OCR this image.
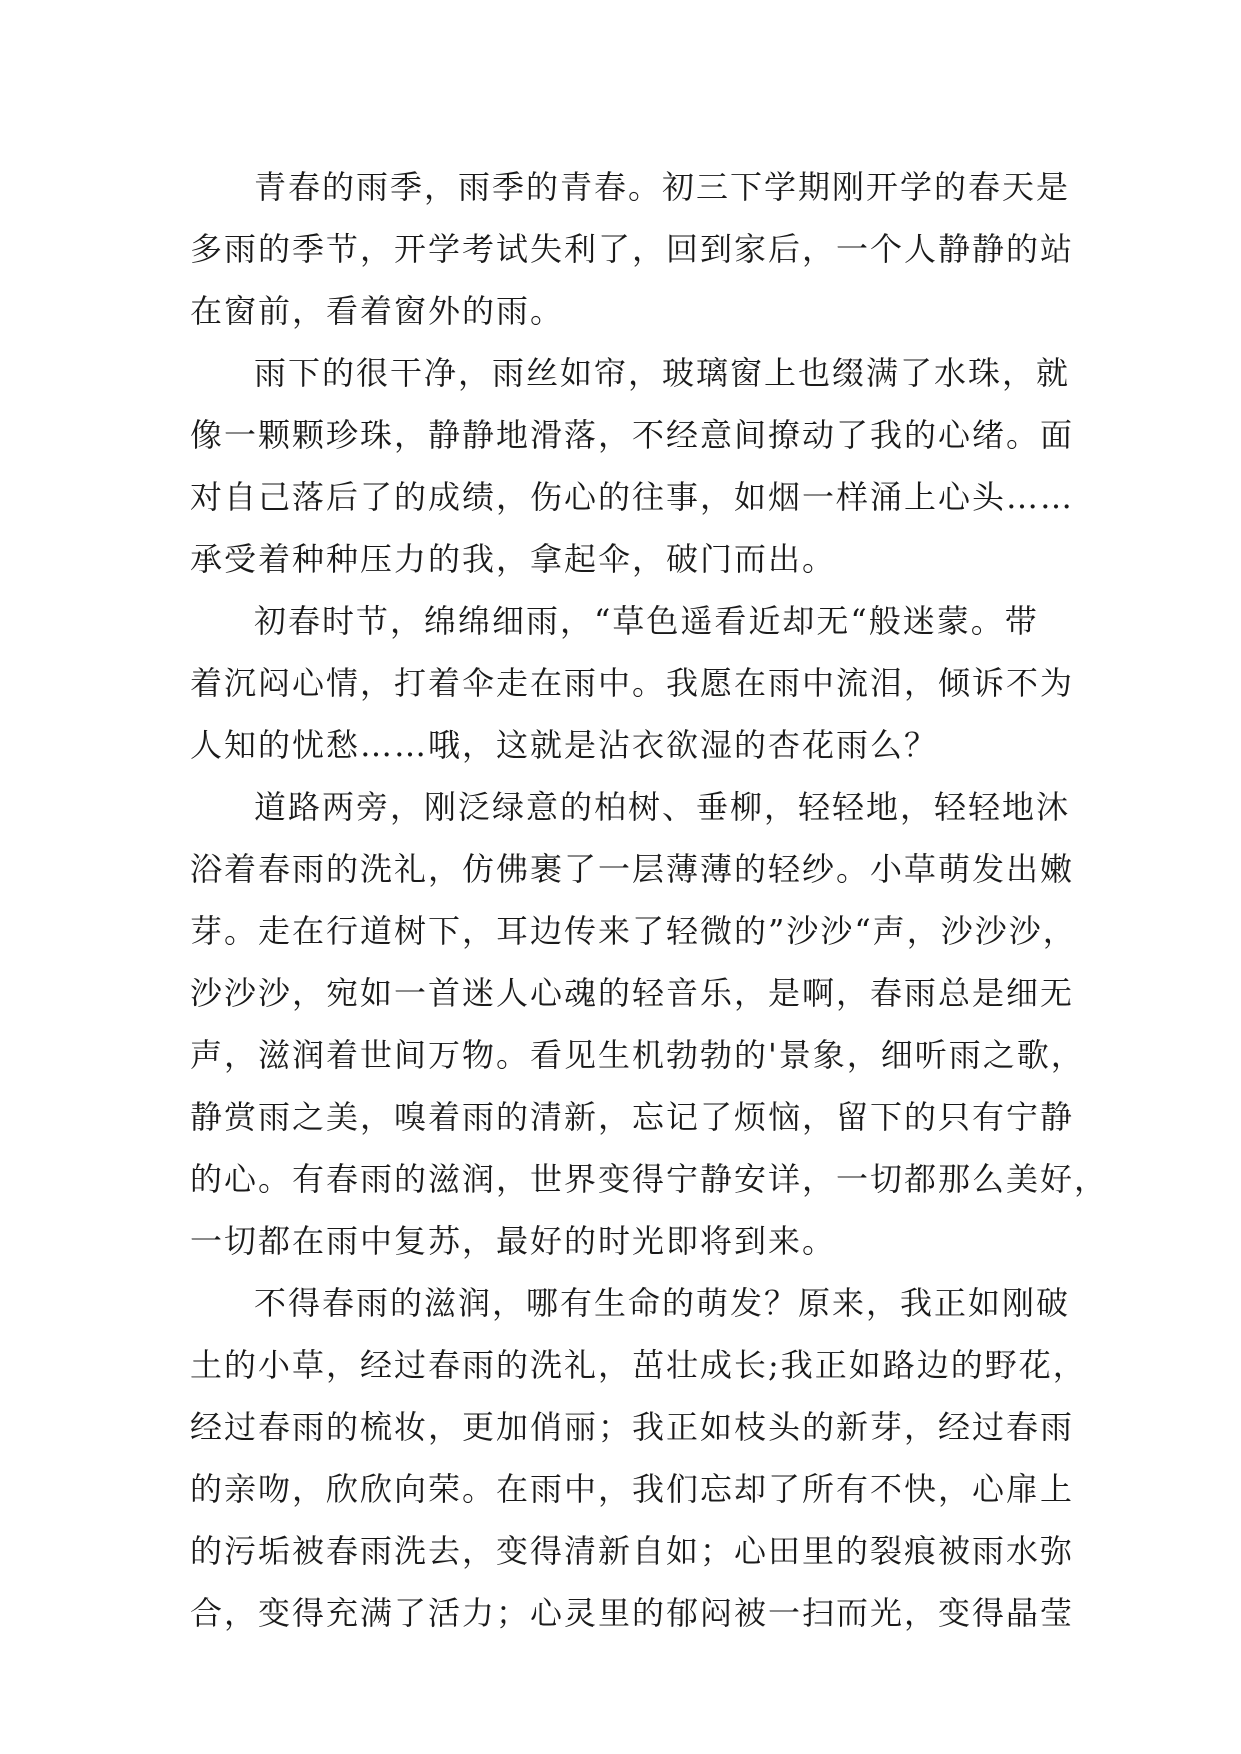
青春的雨季，雨季的青春。初三下学期刚开学的春天是
多雨的季节，开学考试失利了，回到家后，一个人静静的站
在窗前，看着窗外的雨。

雨下的很干净，雨丝如帘，玻璃窗上也缀满了水珠，就
像一颗颗珍珠，静静地滑落，不经意间撩动了我的心绪。面
对自己落后了的成绩，伤心的往事，如烟一样涌上心头……
承受着种种压力的我，拿起伞，破门而出。

初春时节，绵绵细雨，“草色遥看近却无“般迷蒙。带
着沉闷心情，打着伞走在雨中。我愿在雨中流泪，倾诉不为
人知的忧愁……哦，这就是沾衣欲湿的杏花雨么？

道路两旁，刚泛绿意的柏树、垂柳，轻轻地，轻轻地沐
浴着春雨的洗礼，仿佛裹了一层薄薄的轻纱。小草萌发出嫩
芽。走在行道树下，耳边传来了轻微的”沙沙“声，沙沙沙，
沙沙沙，宛如一首迷人心魂的轻音乐，是啊，春雨总是细无
声，滋润着世间万物。看见生机勃勃的'景象，细听雨之歌，
静赏雨之美，嗅着雨的清新，忘记了烦恼，留下的只有宁静
的心。有春雨的滋润，世界变得宁静安详，一切都那么美好，
一切都在雨中复苏，最好的时光即将到来。

不得春雨的滋润，哪有生命的萌发？原来，我正如刚破
土的小草，经过春雨的洗礼，茁壮成长;我正如路边的野花，
经过春雨的梳妆，更加俏丽；我正如枝头的新芽，经过春雨
的亲吻，欣欣向荣。在雨中，我们忘却了所有不快，心扉上
的污垢被春雨洗去，变得清新自如；心田里的裂痕被雨水弥
合，变得充满了活力；心灵里的郁闷被一扫而光，变得晶莹
